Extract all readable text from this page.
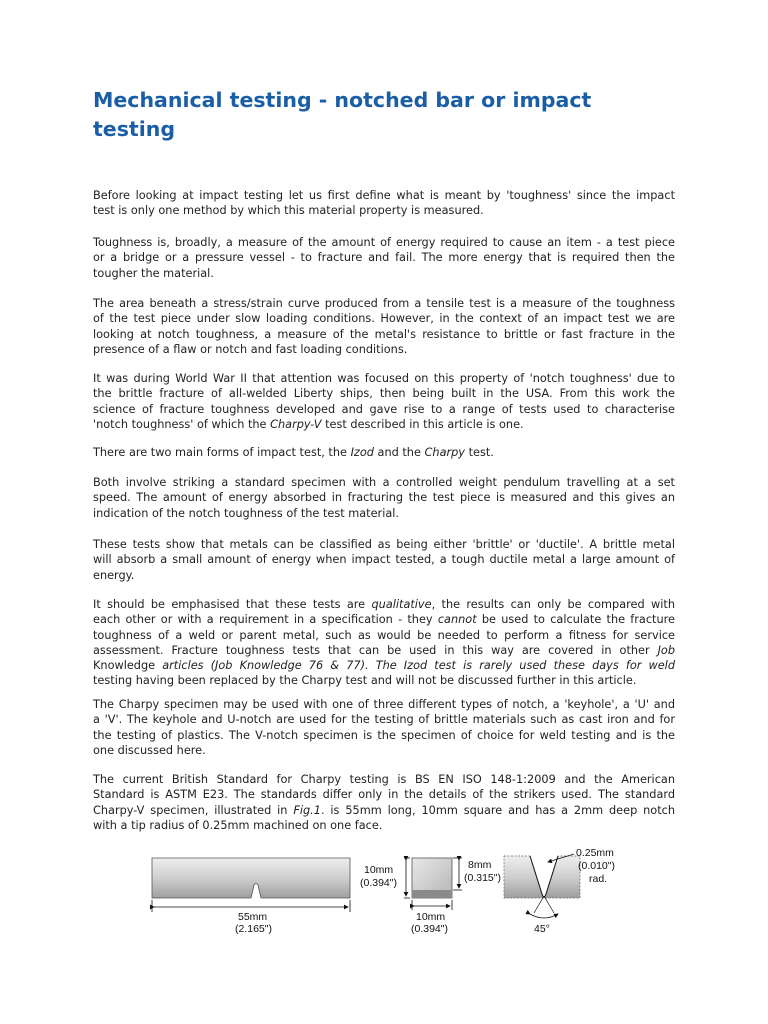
Mechanical testing - notched bar or impact testing

Before looking at impact testing let us first define what is meant by 'toughness' since the impact
test is only one method by which this material property is measured.

Toughness is, broadly, a measure of the amount of energy required to cause an item - a test piece
or a bridge or a pressure vessel - to fracture and fail. The more energy that is required then the
tougher the material.

The area beneath a stress/strain curve produced from a tensile test is a measure of the toughness
of the test piece under slow loading conditions. However, in the context of an impact test we are
looking at notch toughness, a measure of the metal's resistance to brittle or fast fracture in the
presence of a flaw or notch and fast loading conditions.

It was during World War II that attention was focused on this property of 'notch toughness' due to
the brittle fracture of all-welded Liberty ships, then being built in the USA. From this work the
science of fracture toughness developed and gave rise to a range of tests used to characterise
'notch toughness' of which the Charpy-V test described in this article is one.

There are two main forms of impact test, the Izod and the Charpy test.

Both involve striking a standard specimen with a controlled weight pendulum travelling at a set
speed. The amount of energy absorbed in fracturing the test piece is measured and this gives an
indication of the notch toughness of the test material.

These tests show that metals can be classified as being either 'brittle' or 'ductile'. A brittle metal
will absorb a small amount of energy when impact tested, a tough ductile metal a large amount of
energy.

It should be emphasised that these tests are qualitative, the results can only be compared with
each other or with a requirement in a specification - they cannot be used to calculate the fracture
toughness of a weld or parent metal, such as would be needed to perform a fitness for service
assessment. Fracture toughness tests that can be used in this way are covered in other Job
Knowledge articles (Job Knowledge 76 & 77). The Izod test is rarely used these days for weld
testing having been replaced by the Charpy test and will not be discussed further in this article.

The Charpy specimen may be used with one of three different types of notch, a 'keyhole', a 'U' and
a 'V'. The keyhole and U-notch are used for the testing of brittle materials such as cast iron and for
the testing of plastics. The V-notch specimen is the specimen of choice for weld testing and is the
one discussed here.

The current British Standard for Charpy testing is BS EN ISO 148-1:2009 and the American
Standard is ASTM E23. The standards differ only in the details of the strikers used. The standard
Charpy-V specimen, illustrated in Fig.1. is 55mm long, 10mm square and has a 2mm deep notch
with a tip radius of 0.25mm machined on one face.

55mm
(2.165")
10mm
(0.394")
8mm
(0.315")
10mm
(0.394")	45°
0.25mm
(0.010")
rad.
